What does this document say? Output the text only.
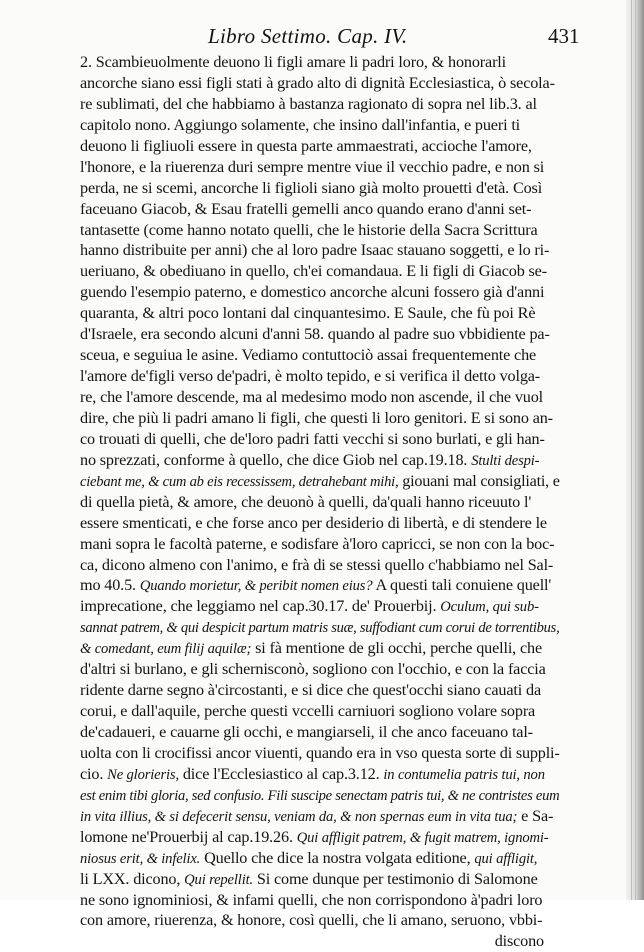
Libro Settimo. Cap. IV.	431
2. Scambieuolmente deuono li figli amare li padri loro, & honorarli
ancorche siano essi figli stati à grado alto di dignità Ecclesiastica, ò secola-
re sublimati, del che habbiamo à bastanza ragionato di sopra nel lib.3. al
capitolo nono. Aggiungo solamente, che insino dall'infantia, e pueri ti
deuono li figliuoli essere in questa parte ammaestrati, accioche l'amore,
l'honore, e la riuerenza duri sempre mentre viue il vecchio padre, e non si
perda, ne si scemi, ancorche li figlioli siano già molto prouetti d'età. Così
faceuano Giacob, & Esau fratelli gemelli anco quando erano d'anni set-
tantasette (come hanno notato quelli, che le historie della Sacra Scrittura
hanno distribuite per anni) che al loro padre Isaac stauano soggetti, e lo ri-
ueriuano, & obediuano in quello, ch'ei comandaua. E li figli di Giacob se-
guendo l'esempio paterno, e domestico ancorche alcuni fossero già d'anni
quaranta, & altri poco lontani dal cinquantesimo. E Saule, che fù poi Rè
d'Israele, era secondo alcuni d'anni 58. quando al padre suo vbbidiente pa-
sceua, e seguiua le asine. Vediamo contuttociò assai frequentemente che
l'amore de'figli verso de'padri, è molto tepido, e si verifica il detto volga-
re, che l'amore descende, ma al medesimo modo non ascende, il che vuol
dire, che più li padri amano li figli, che questi li loro genitori. E si sono an-
co trouati di quelli, che de'loro padri fatti vecchi si sono burlati, e gli han-
no sprezzati, conforme à quello, che dice Giob nel cap.19.18. Stulti despi-
ciebant me, & cum ab eis recessissem, detrahebant mihi, giouani mal consigliati, e
di quella pietà, & amore, che deuonò à quelli, da'quali hanno riceuuto l'
essere smenticati, e che forse anco per desiderio di libertà, e di stendere le
mani sopra le facoltà paterne, e sodisfare à'loro capricci, se non con la boc-
ca, dicono almeno con l'animo, e frà di se stessi quello c'habbiamo nel Sal-
mo 40.5. Quando morietur, & peribit nomen eius? A questi tali conuiene quell'
imprecatione, che leggiamo nel cap.30.17. de' Prouerbij. Oculum, qui sub-
sannat patrem, & qui despicit partum matris suæ, suffodiant cum corui de torrentibus,
& comedant, eum filij aquilæ; si fà mentione de gli occhi, perche quelli, che
d'altri si burlano, e gli schernisconò, sogliono con l'occhio, e con la faccia
ridente darne segno à'circostanti, e si dice che quest'occhi siano cauati da
corui, e dall'aquile, perche questi vccelli carniuori sogliono volare sopra
de'cadaueri, e cauarne gli occhi, e mangiarseli, il che anco faceuano tal-
uolta con li crocifissi ancor viuenti, quando era in vso questa sorte di suppli-
cio. Ne glorieris, dice l'Ecclesiastico al cap.3.12. in contumelia patris tui, non
est enim tibi gloria, sed confusio. Fili suscipe senectam patris tui, & ne contristes eum
in vita illius, & si defecerit sensu, veniam da, & non spernas eum in vita tua; e Sa-
lomone ne'Prouerbij al cap.19.26. Qui affligit patrem, & fugit matrem, ignomi-
niosus erit, & infelix. Quello che dice la nostra volgata editione, qui affligit,
li LXX. dicono, Qui repellit. Si come dunque per testimonio di Salomone
ne sono ignominiosi, & infami quelli, che non corrispondono à'padri loro
con amore, riuerenza, & honore, così quelli, che li amano, seruono, vbbi-
discono
